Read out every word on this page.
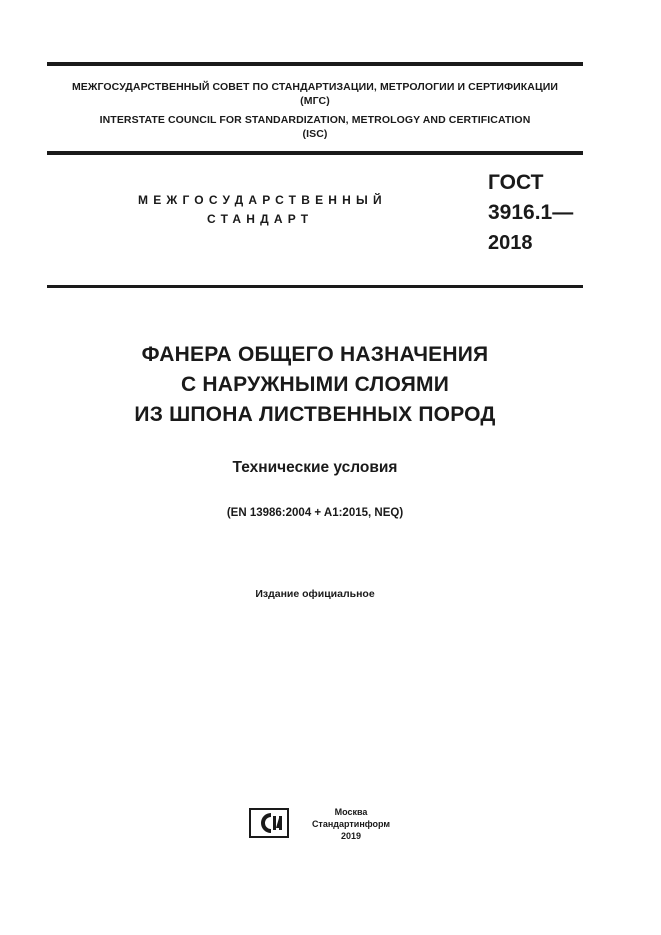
МЕЖГОСУДАРСТВЕННЫЙ СОВЕТ ПО СТАНДАРТИЗАЦИИ, МЕТРОЛОГИИ И СЕРТИФИКАЦИИ
(МГС)
INTERSTATE COUNCIL FOR STANDARDIZATION, METROLOGY AND CERTIFICATION
(ISC)
МЕЖГОСУДАРСТВЕННЫЙ
СТАНДАРТ
ГОСТ
3916.1—
2018
ФАНЕРА ОБЩЕГО НАЗНАЧЕНИЯ
С НАРУЖНЫМИ СЛОЯМИ
ИЗ ШПОНА ЛИСТВЕННЫХ ПОРОД
Технические условия
(EN 13986:2004 + A1:2015, NEQ)
Издание официальное
Москва
Стандартинформ
2019
